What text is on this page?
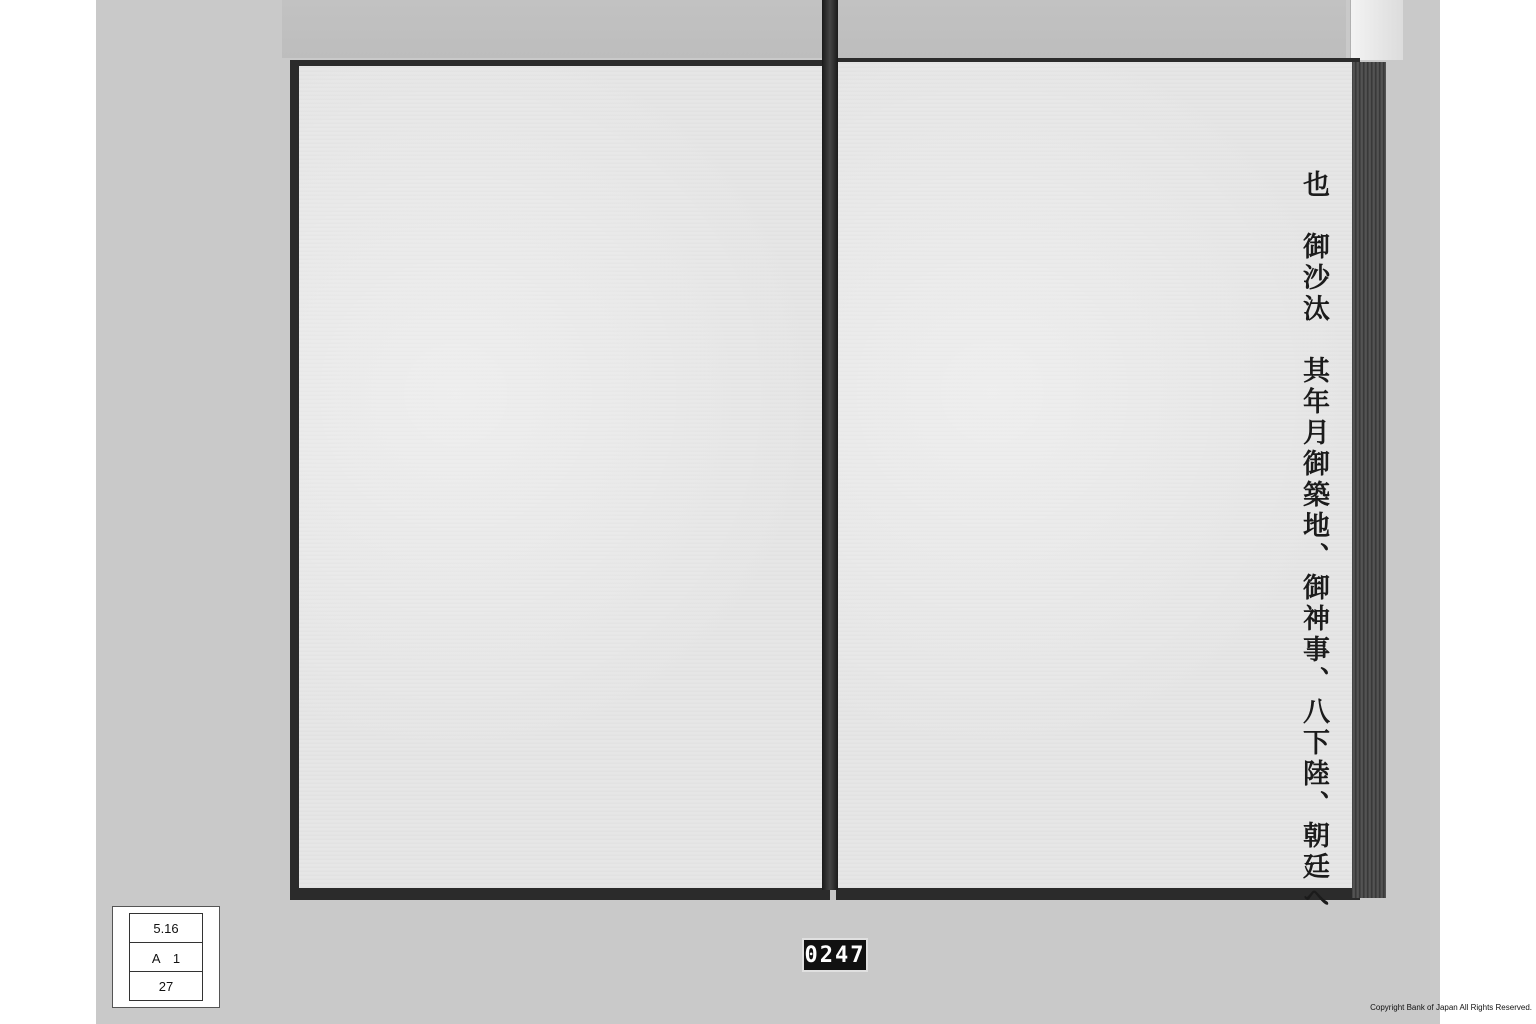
也　御沙汰　其年月御築地、御神事、八下陸、朝廷へ
5.16
A　1
27
0247
Copyright Bank of Japan All Rights Reserved.
